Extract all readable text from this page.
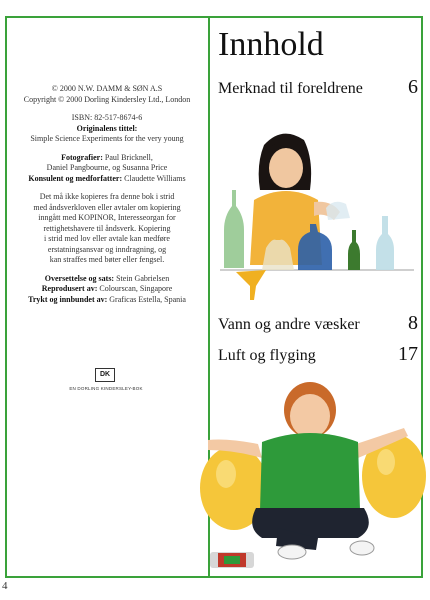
© 2000 N.W. DAMM & SØN A.S
Copyright © 2000 Dorling Kindersley Ltd., London

ISBN: 82-517-8674-6
Originalens tittel:
Simple Science Experiments for the very young

Fotografier: Paul Bricknell,
Daniel Pangbourne, og Susanna Price
Konsulent og medforfatter: Claudette Williams

Det må ikke kopieres fra denne bok i strid
med åndsverkloven eller avtaler om kopiering
inngått med KOPINOR, Interesseorgan for
rettighetshavere til åndsverk. Kopiering
i strid med lov eller avtale kan medføre
erstatningsansvar og inndragning, og
kan straffes med bøter eller fengsel.

Oversettelse og sats: Stein Gabrielsen
Reprodusert av: Colourscan, Singapore
Trykt og innbundet av: Graficas Estella, Spania

DK
EN DORLING KINDERSLEY-BOK
4
Innhold
Merknad til foreldrene 6
Vann og andre væsker 8
Luft og flyging	17
